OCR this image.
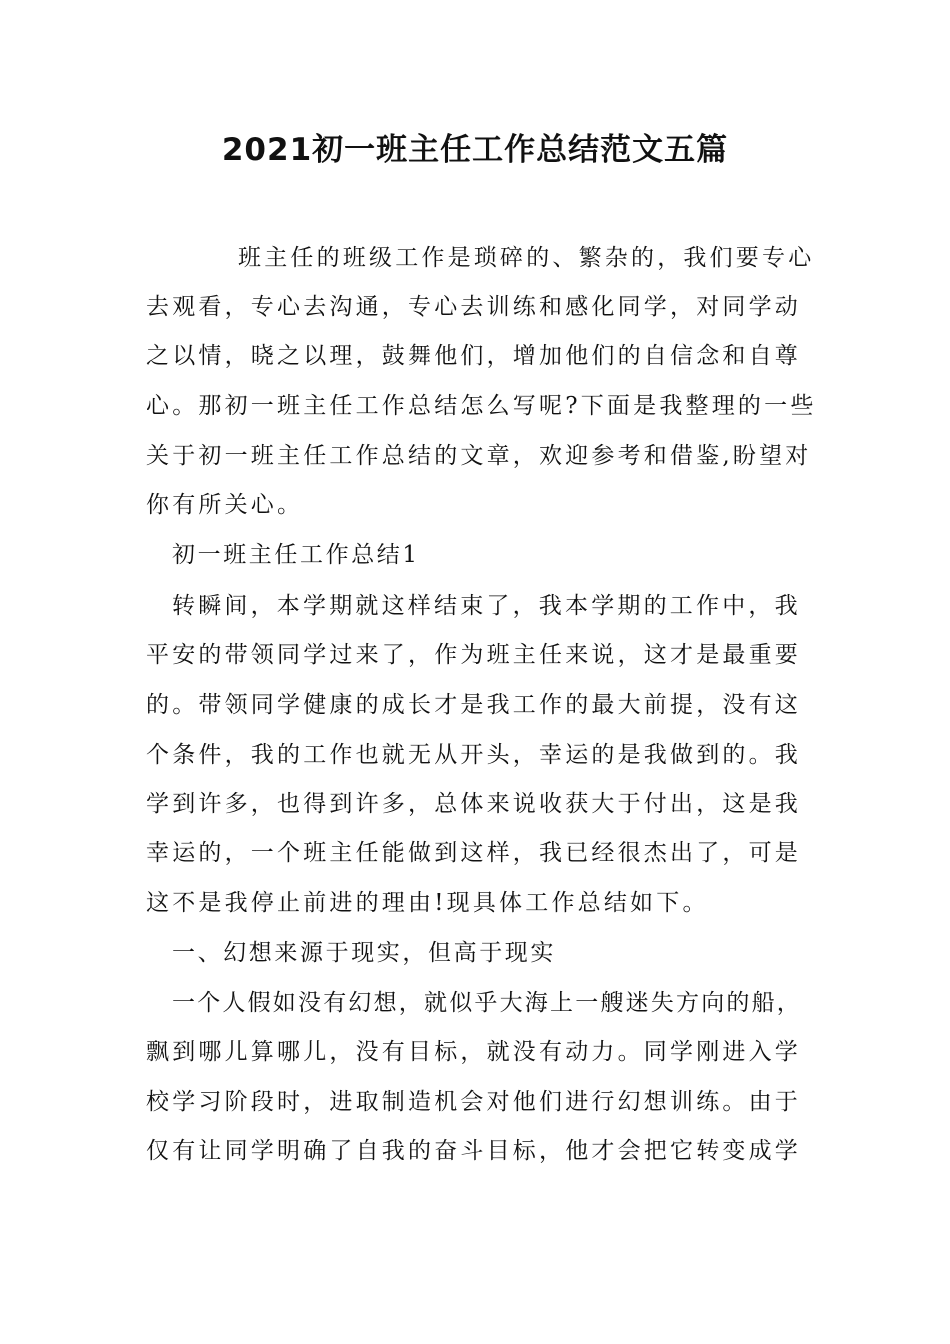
2021初一班主任工作总结范文五篇

班主任的班级工作是琐碎的、繁杂的，我们要专心

去观看，专心去沟通，专心去训练和感化同学，对同学动

之以情，晓之以理，鼓舞他们，增加他们的自信念和自尊

心。那初一班主任工作总结怎么写呢?下面是我整理的一些

关于初一班主任工作总结的文章，欢迎参考和借鉴,盼望对

你有所关心。

初一班主任工作总结1

转瞬间，本学期就这样结束了，我本学期的工作中，我

平安的带领同学过来了，作为班主任来说，这才是最重要

的。带领同学健康的成长才是我工作的最大前提，没有这

个条件，我的工作也就无从开头，幸运的是我做到的。我

学到许多，也得到许多，总体来说收获大于付出，这是我

幸运的，一个班主任能做到这样，我已经很杰出了，可是

这不是我停止前进的理由!现具体工作总结如下。

一、幻想来源于现实，但高于现实

一个人假如没有幻想，就似乎大海上一艘迷失方向的船，

飘到哪儿算哪儿，没有目标，就没有动力。同学刚进入学

校学习阶段时，进取制造机会对他们进行幻想训练。由于

仅有让同学明确了自我的奋斗目标，他才会把它转变成学
